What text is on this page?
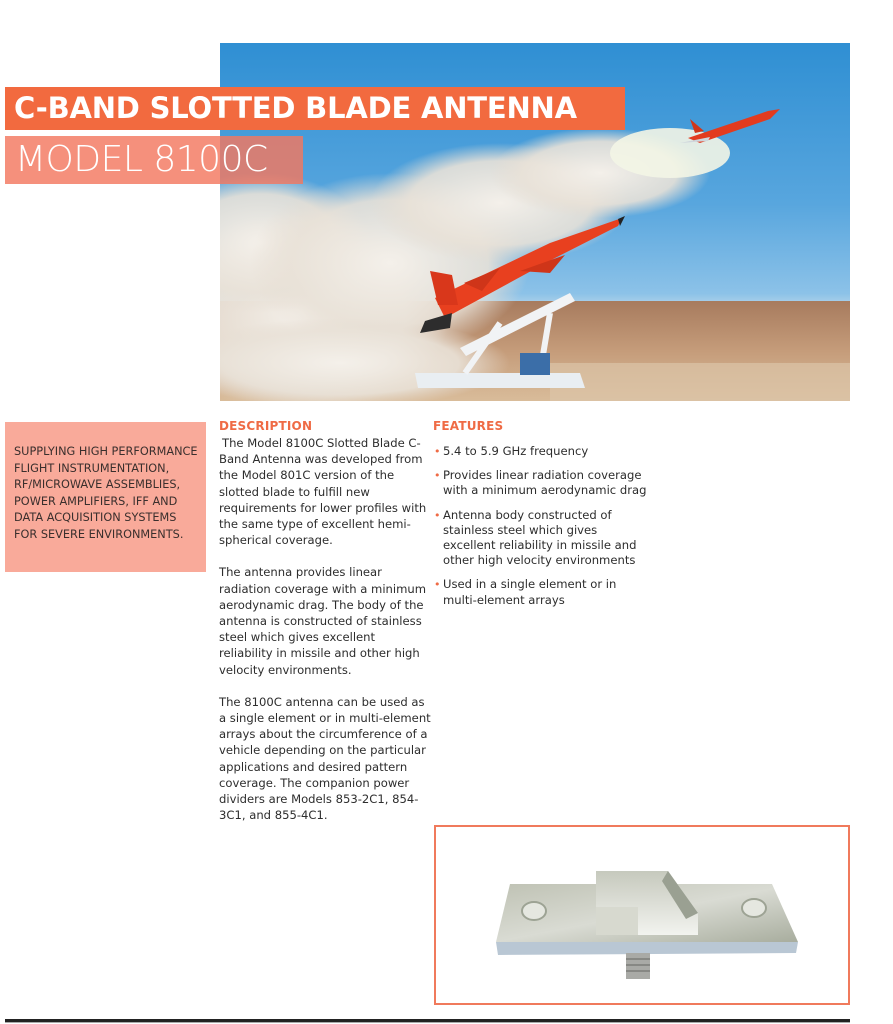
C-BAND SLOTTED BLADE ANTENNA
MODEL 8100C

SUPPLYING HIGH PERFORMANCE FLIGHT INSTRUMENTATION, RF/MICROWAVE ASSEMBLIES, POWER AMPLIFIERS, IFF AND DATA ACQUISITION SYSTEMS FOR SEVERE ENVIRONMENTS.

DESCRIPTION

The Model 8100C Slotted Blade C-Band Antenna was developed from the Model 801C version of the slotted blade to fulfill new requirements for lower profiles with the same type of excellent hemi-spherical coverage.

The antenna provides linear radiation coverage with a minimum aerodynamic drag. The body of the antenna is constructed of stainless steel which gives excellent reliability in missile and other high velocity environments.

The 8100C antenna can be used as a single element or in multi-element arrays about the circumference of a vehicle depending on the particular applications and desired pattern coverage. The companion power dividers are Models 853-2C1, 854-3C1, and 855-4C1.

FEATURES
• 5.4 to 5.9 GHz frequency
• Provides linear radiation coverage with a minimum aerodynamic drag
• Antenna body constructed of stainless steel which gives excellent reliability in missile and other high velocity environments
• Used in a single element or in multi-element arrays
